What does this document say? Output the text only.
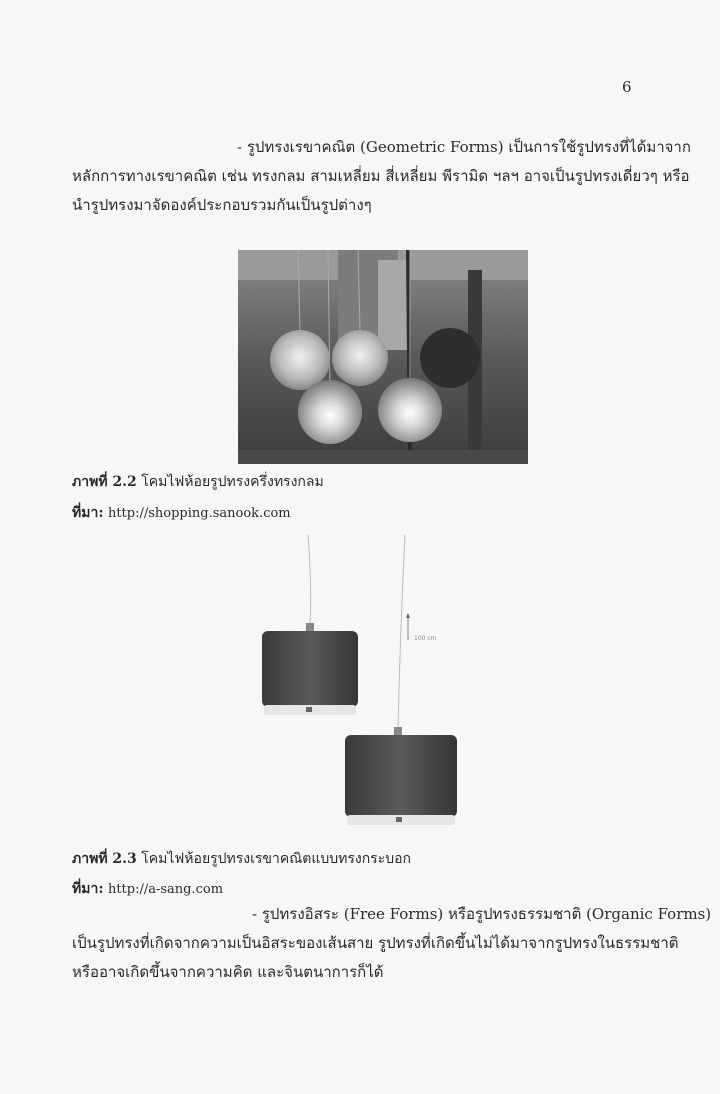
6

- รูปทรงเรขาคณิต (Geometric Forms) เป็นการใช้รูปทรงที่ได้มาจาก
หลักการทางเรขาคณิต เช่น ทรงกลม สามเหลี่ยม สี่เหลี่ยม พีรามิด ฯลฯ อาจเป็นรูปทรงเดี่ยวๆ หรือ
นำรูปทรงมาจัดองค์ประกอบรวมกันเป็นรูปต่างๆ

ภาพที่ 2.2 โคมไฟห้อยรูปทรงครึ่งทรงกลม
ที่มา: http://shopping.sanook.com
100 cm
ภาพที่ 2.3 โคมไฟห้อยรูปทรงเรขาคณิตแบบทรงกระบอก
ที่มา: http://a-sang.com

- รูปทรงอิสระ (Free Forms) หรือรูปทรงธรรมชาติ (Organic Forms)
เป็นรูปทรงที่เกิดจากความเป็นอิสระของเส้นสาย รูปทรงที่เกิดขึ้นไม่ได้มาจากรูปทรงในธรรมชาติ
หรืออาจเกิดขึ้นจากความคิด และจินตนาการก็ได้
